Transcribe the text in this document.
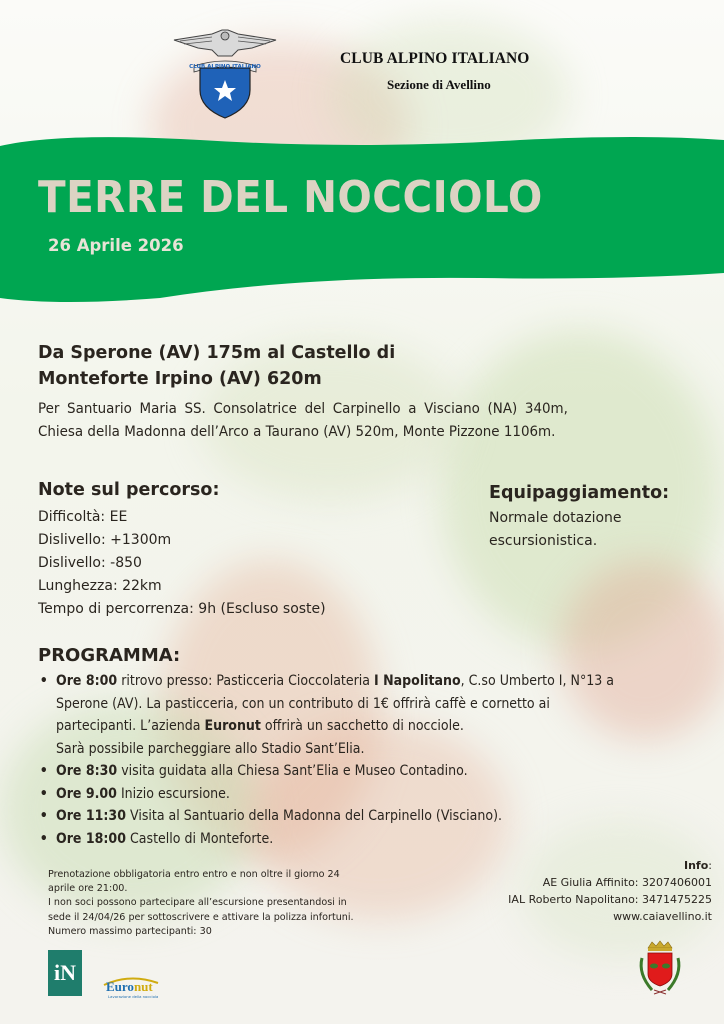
CLUB ALPINO ITALIANO	CLUB ALPINO ITALIANO
Sezione di Avellino
TERRE DEL NOCCIOLO
26 Aprile 2026
Da Sperone (AV) 175m al Castello di
Monteforte Irpino (AV) 620m
Per Santuario Maria SS. Consolatrice del Carpinello a Visciano (NA) 340m, Chiesa della Madonna dell’Arco a Taurano (AV) 520m, Monte Pizzone 1106m.
Note sul percorso:
Difficoltà: EE
Dislivello: +1300m
Dislivello: -850
Lunghezza: 22km
Tempo di percorrenza: 9h (Escluso soste)
Equipaggiamento:
Normale dotazione escursionistica.
PROGRAMMA:
• Ore 8:00 ritrovo presso: Pasticceria Cioccolateria I Napolitano, C.so Umberto I, N°13 a Sperone (AV). La pasticceria, con un contributo di 1€ offrirà caffè e cornetto ai partecipanti. L’azienda Euronut offrirà un sacchetto di nocciole.
Sarà possibile parcheggiare allo Stadio Sant’Elia.
• Ore 8:30 visita guidata alla Chiesa Sant’Elia e Museo Contadino.
• Ore 9.00 Inizio escursione.
• Ore 11:30 Visita al Santuario della Madonna del Carpinello (Visciano).
• Ore 18:00 Castello di Monteforte.
Prenotazione obbligatoria entro entro e non oltre il giorno 24 aprile ore 21:00.
I non soci possono partecipare all’escursione presentandosi in sede il 24/04/26 per sottoscrivere e attivare la polizza infortuni. Numero massimo partecipanti: 30
Info:
AE Giulia Affinito: 3207406001
IAL Roberto Napolitano: 3471475225
www.caiavellino.it
iN
Euronut
Lavorazione della nocciola
